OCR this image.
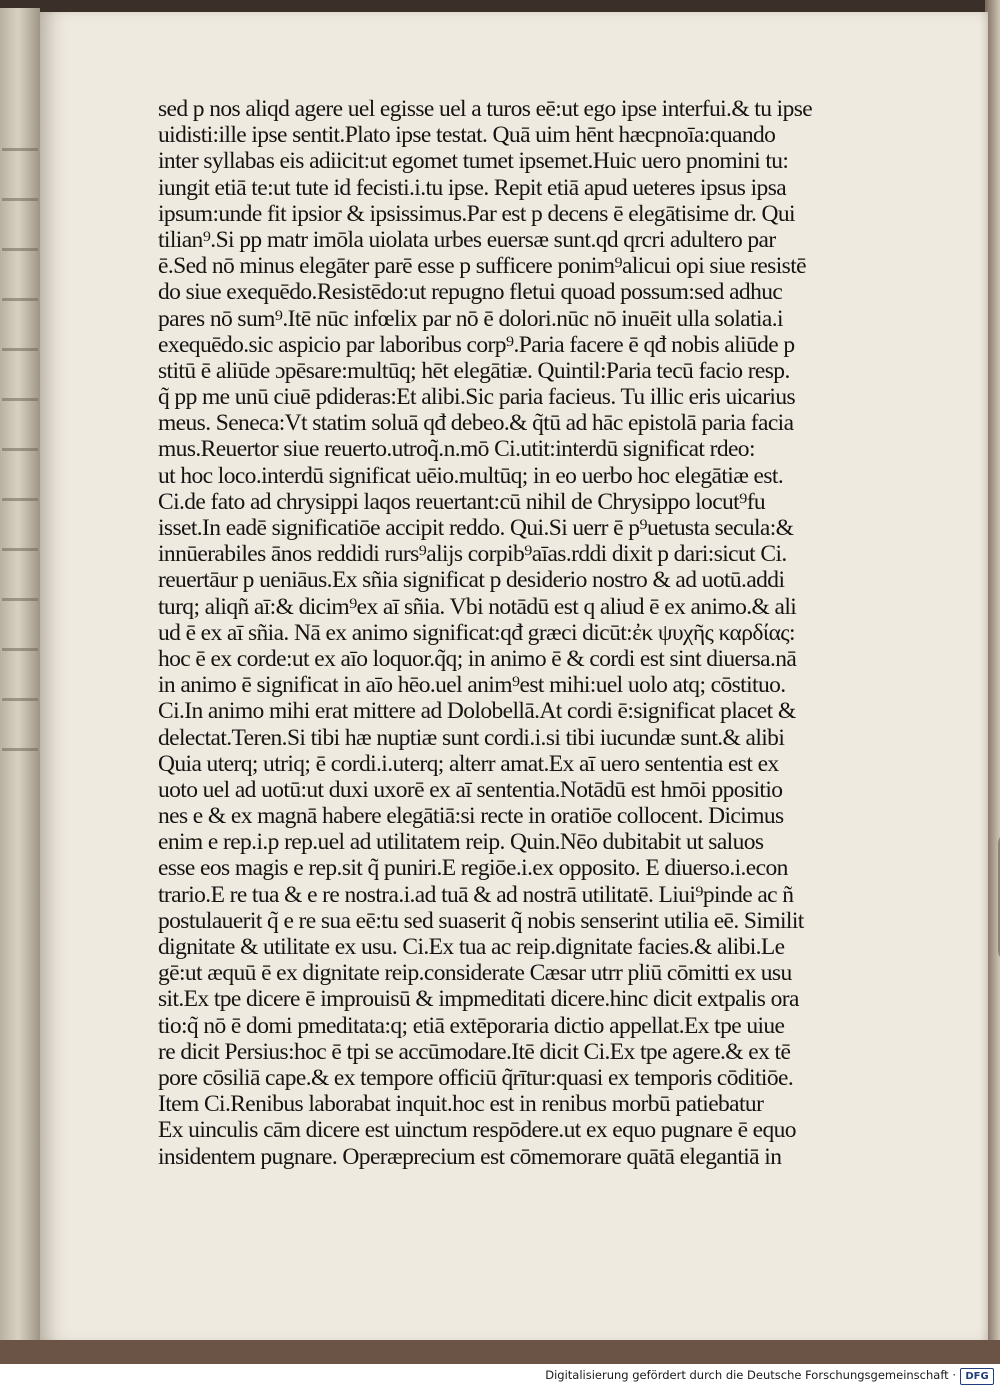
sed p nos aliqd agere uel egisse uel a turos eē:ut ego ipse interfui.& tu ipse
uidisti:ille ipse sentit.Plato ipse testat. Quā uim hēnt hæcpnoīa:quando
inter syllabas eis adiicit:ut egomet tumet ipsemet.Huic uero pnomini tu:
iungit etiā te:ut tute id fecisti.i.tu ipse. Repit etiā apud ueteres ipsus ipsa
ipsum:unde fit ipsior & ipsissimus.Par est p decens ē elegātisime dr. Qui
tilian⁹.Si pp matr imōla uiolata urbes euersæ sunt.qd qrcri adultero par
ē.Sed nō minus elegāter parē esse p sufficere ponim⁹alicui opi siue resistē
do siue exequēdo.Resistēdo:ut repugno fletui quoad possum:sed adhuc
pares nō sum⁹.Itē nūc infœlix par nō ē dolori.nūc nō inuēit ulla solatia.i
exequēdo.sic aspicio par laboribus corp⁹.Paria facere ē qđ nobis aliūde p
stitū ē aliūde ɔpēsare:multūq; hēt elegātiæ. Quintil:Paria tecū facio resp.
q̃ pp me unū ciuē pdideras:Et alibi.Sic paria facieus. Tu illic eris uicarius
meus. Seneca:Vt statim soluā qđ debeo.& q̃tū ad hāc epistolā paria facia
mus.Reuertor siue reuerto.utroq̃.n.mō Ci.utit:interdū significat rdeo:
ut hoc loco.interdū significat uēio.multūq; in eo uerbo hoc elegātiæ est.
Ci.de fato ad chrysippi laqos reuertant:cū nihil de Chrysippo locut⁹fu
isset.In eadē significatiōe accipit reddo. Qui.Si uerr ē p⁹uetusta secula:&
innūerabiles ānos reddidi rurs⁹alijs corpib⁹aīas.rddi dixit p dari:sicut Ci.
reuertāur p ueniāus.Ex sñia significat p desiderio nostro & ad uotū.addi
turq; aliqñ aī:& dicim⁹ex aī sñia. Vbi notādū est q aliud ē ex animo.& ali
ud ē ex aī sñia. Nā ex animo significat:qđ græci dicūt:ἐκ ψυχῆς καρδίας:
hoc ē ex corde:ut ex aīo loquor.q̃q; in animo ē & cordi est sint diuersa.nā
in animo ē significat in aīo hēo.uel anim⁹est mihi:uel uolo atq; cōstituo.
Ci.In animo mihi erat mittere ad Dolobellā.At cordi ē:significat placet &
delectat.Teren.Si tibi hæ nuptiæ sunt cordi.i.si tibi iucundæ sunt.& alibi
Quia uterq; utriq; ē cordi.i.uterq; alterr amat.Ex aī uero sententia est ex
uoto uel ad uotū:ut duxi uxorē ex aī sententia.Notādū est hmōi ppositio
nes e & ex magnā habere elegātiā:si recte in oratiōe collocent. Dicimus
enim e rep.i.p rep.uel ad utilitatem reip. Quin.Nēo dubitabit ut saluos
esse eos magis e rep.sit q̃ puniri.E regiōe.i.ex opposito. E diuerso.i.econ
trario.E re tua & e re nostra.i.ad tuā & ad nostrā utilitatē. Liui⁹pinde ac ñ
postulauerit q̃ e re sua eē:tu sed suaserit q̃ nobis senserint utilia eē. Similit
dignitate & utilitate ex usu. Ci.Ex tua ac reip.dignitate facies.& alibi.Le
gē:ut æquū ē ex dignitate reip.considerate Cæsar utrr pliū cōmitti ex usu
sit.Ex tpe dicere ē improuisū & impmeditati dicere.hinc dicit extpalis ora
tio:q̃ nō ē domi pmeditata:q; etiā extēporaria dictio appellat.Ex tpe uiue
re dicit Persius:hoc ē tpi se accūmodare.Itē dicit Ci.Ex tpe agere.& ex tē
pore cōsiliā cape.& ex tempore officiū q̃rītur:quasi ex temporis cōditiōe.
Item Ci.Renibus laborabat inquit.hoc est in renibus morbū patiebatur
Ex uinculis cām dicere est uinctum respōdere.ut ex equo pugnare ē equo
insidentem pugnare. Operæprecium est cōmemorare quātā elegantiā in
Digitalisierung gefördert durch die Deutsche Forschungsgemeinschaft · DFG
